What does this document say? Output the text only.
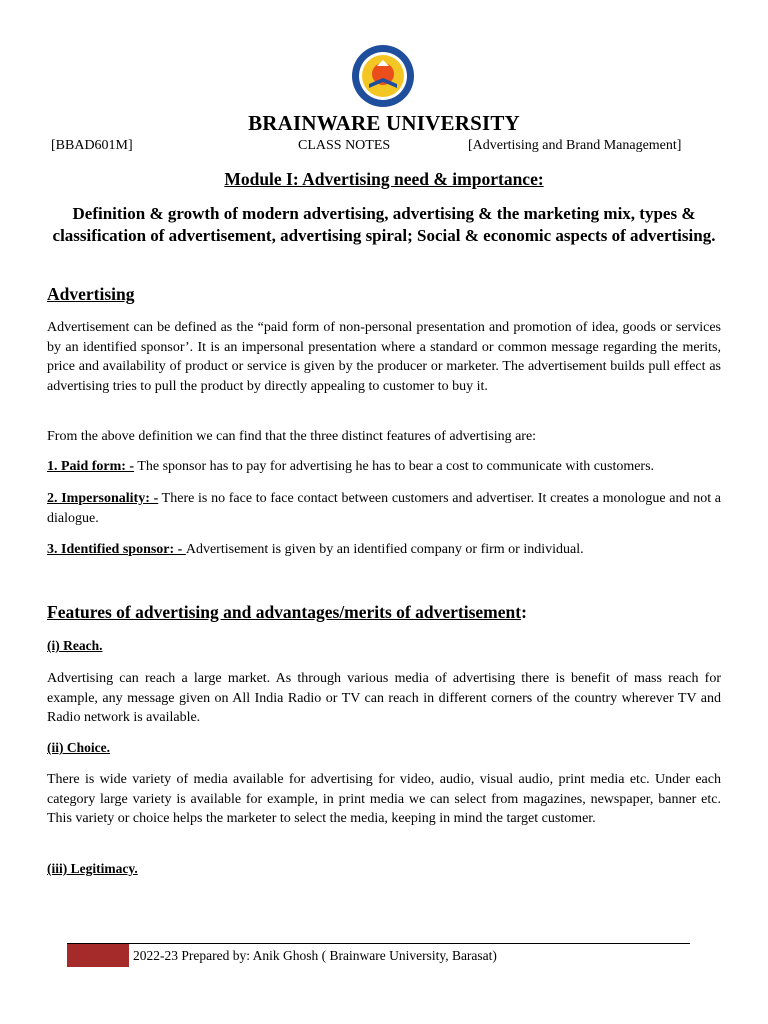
BRAINWARE UNIVERSITY
[BBAD601M]	CLASS NOTES	[Advertising and Brand Management]
Module I: Advertising need & importance:
Definition & growth of modern advertising, advertising & the marketing mix, types & classification of advertisement, advertising spiral; Social & economic aspects of advertising.
Advertising
Advertisement can be defined as the “paid form of non-personal presentation and promotion of idea, goods or services by an identified sponsor’. It is an impersonal presentation where a standard or common message regarding the merits, price and availability of product or service is given by the producer or marketer. The advertisement builds pull effect as advertising tries to pull the product by directly appealing to customer to buy it.
From the above definition we can find that the three distinct features of advertising are:
1. Paid form: - The sponsor has to pay for advertising he has to bear a cost to communicate with customers.
2. Impersonality: - There is no face to face contact between customers and advertiser. It creates a monologue and not a dialogue.
3. Identified sponsor: - Advertisement is given by an identified company or firm or individual.
Features of advertising and advantages/merits of advertisement:
(i) Reach.
Advertising can reach a large market. As through various media of advertising there is benefit of mass reach for example, any message given on All India Radio or TV can reach in different corners of the country wherever TV and Radio network is available.
(ii) Choice.
There is wide variety of media available for advertising for video, audio, visual audio, print media etc. Under each category large variety is available for example, in print media we can select from magazines, newspaper, banner etc. This variety or choice helps the marketer to select the media, keeping in mind the target customer.
(iii) Legitimacy.
2022-23 Prepared by: Anik Ghosh ( Brainware University, Barasat)
